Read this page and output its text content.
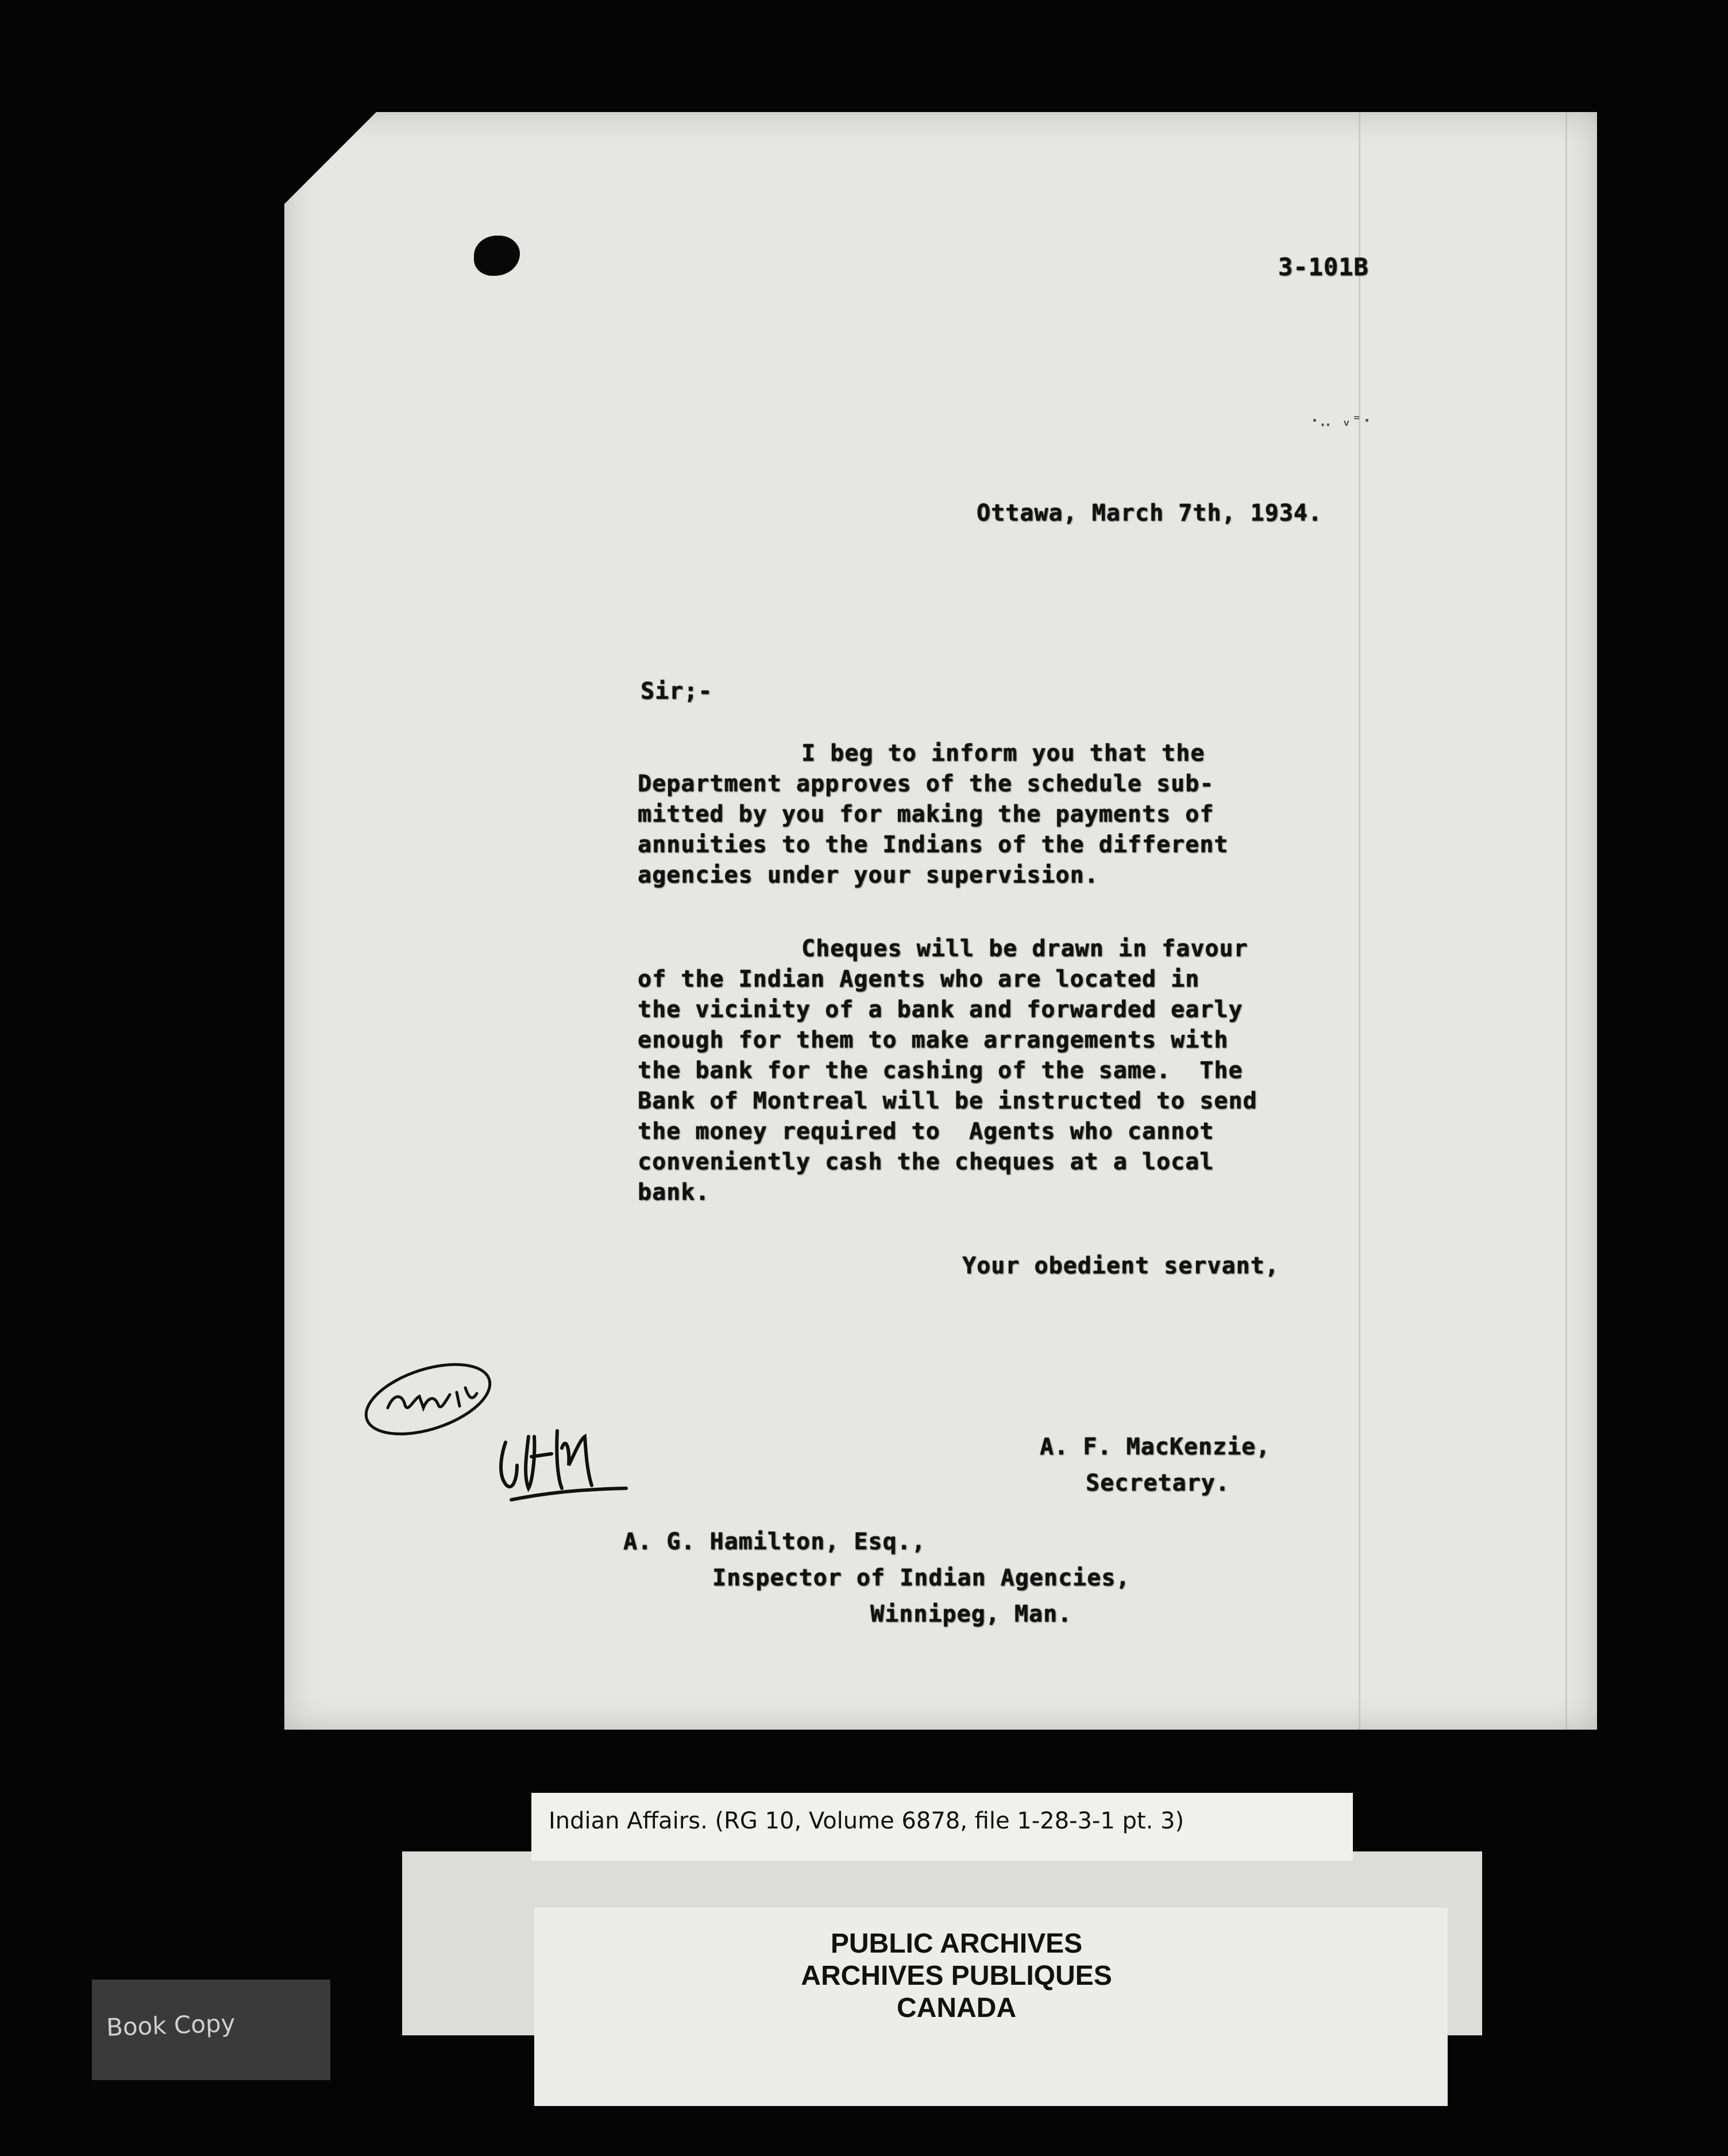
3-101B
·‥ ᵥ⁼·
Ottawa, March 7th, 1934.
Sir;-
I beg to inform you that the
Department approves of the schedule sub-
mitted by you for making the payments of
annuities to the Indians of the different
agencies under your supervision.
Cheques will be drawn in favour
of the Indian Agents who are located in
the vicinity of a bank and forwarded early
enough for them to make arrangements with
the bank for the cashing of the same.  The
Bank of Montreal will be instructed to send
the money required to  Agents who cannot
conveniently cash the cheques at a local
bank.
Your obedient servant,
A. F. MacKenzie,
Secretary.
A. G. Hamilton, Esq.,
Inspector of Indian Agencies,
Winnipeg, Man.
Indian Affairs. (RG 10, Volume 6878, file 1-28-3-1 pt. 3)
PUBLIC ARCHIVES
ARCHIVES PUBLIQUES
CANADA
Book Copy
